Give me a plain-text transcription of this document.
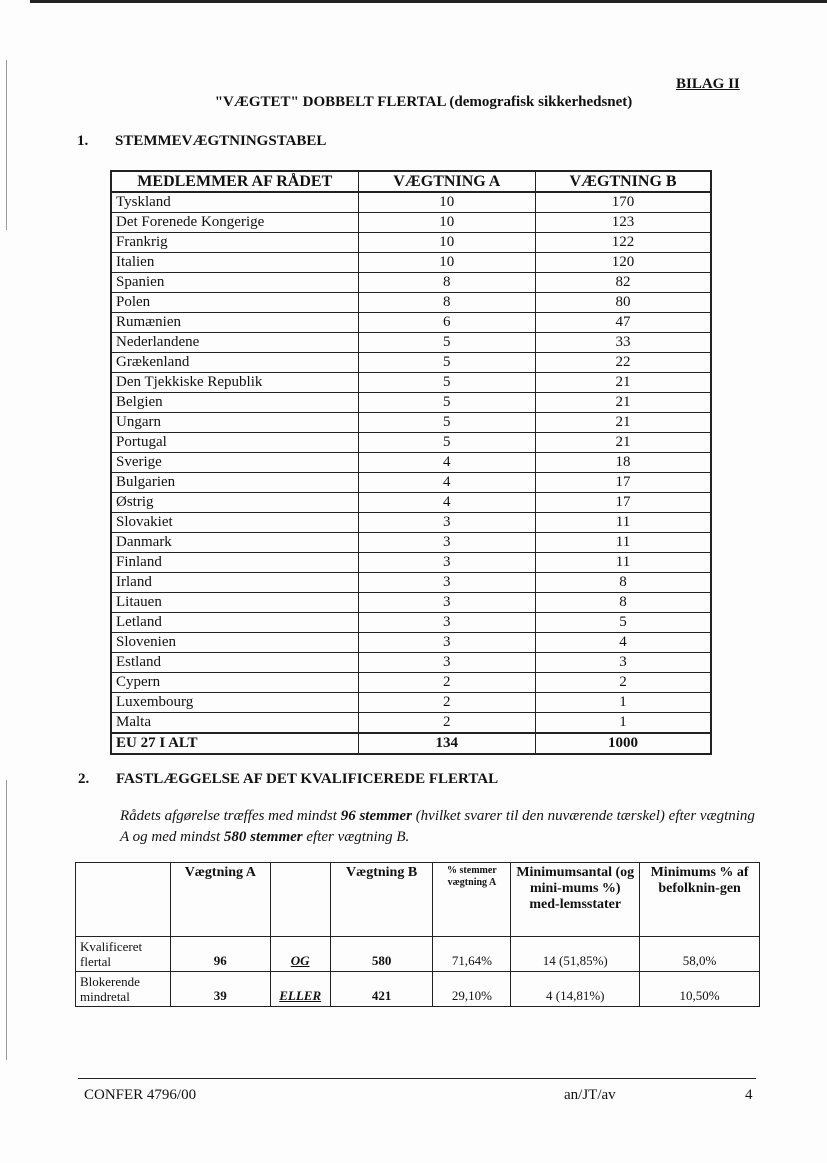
BILAG II
"VÆGTET" DOBBELT FLERTAL (demografisk sikkerhedsnet)
1. STEMMEVÆGTNINGSTABEL
MEDLEMMER AF RÅDET	VÆGTNING A	VÆGTNING B
Tyskland	10	170
Det Forenede Kongerige	10	123
Frankrig	10	122
Italien	10	120
Spanien	8	82
Polen	8	80
Rumænien	6	47
Nederlandene	5	33
Grækenland	5	22
Den Tjekkiske Republik	5	21
Belgien	5	21
Ungarn	5	21
Portugal	5	21
Sverige	4	18
Bulgarien	4	17
Østrig	4	17
Slovakiet	3	11
Danmark	3	11
Finland	3	11
Irland	3	8
Litauen	3	8
Letland	3	5
Slovenien	3	4
Estland	3	3
Cypern	2	2
Luxembourg	2	1
Malta	2	1
EU 27 I ALT	134	1000
2. FASTLÆGGELSE AF DET KVALIFICEREDE FLERTAL
Rådets afgørelse træffes med mindst 96 stemmer (hvilket svarer til den nuværende tærskel) efter vægtning A og med mindst 580 stemmer efter vægtning B.
	Vægtning A		Vægtning B	% stemmer vægtning A	Minimumsantal (og mini-mums %) med-lemsstater	Minimums % af befolknin-gen
Kvalificeret flertal	96	OG	580	71,64%	14 (51,85%)	58,0%
Blokerende mindretal	39	ELLER	421	29,10%	4 (14,81%)	10,50%
CONFER 4796/00	an/JT/av	4
